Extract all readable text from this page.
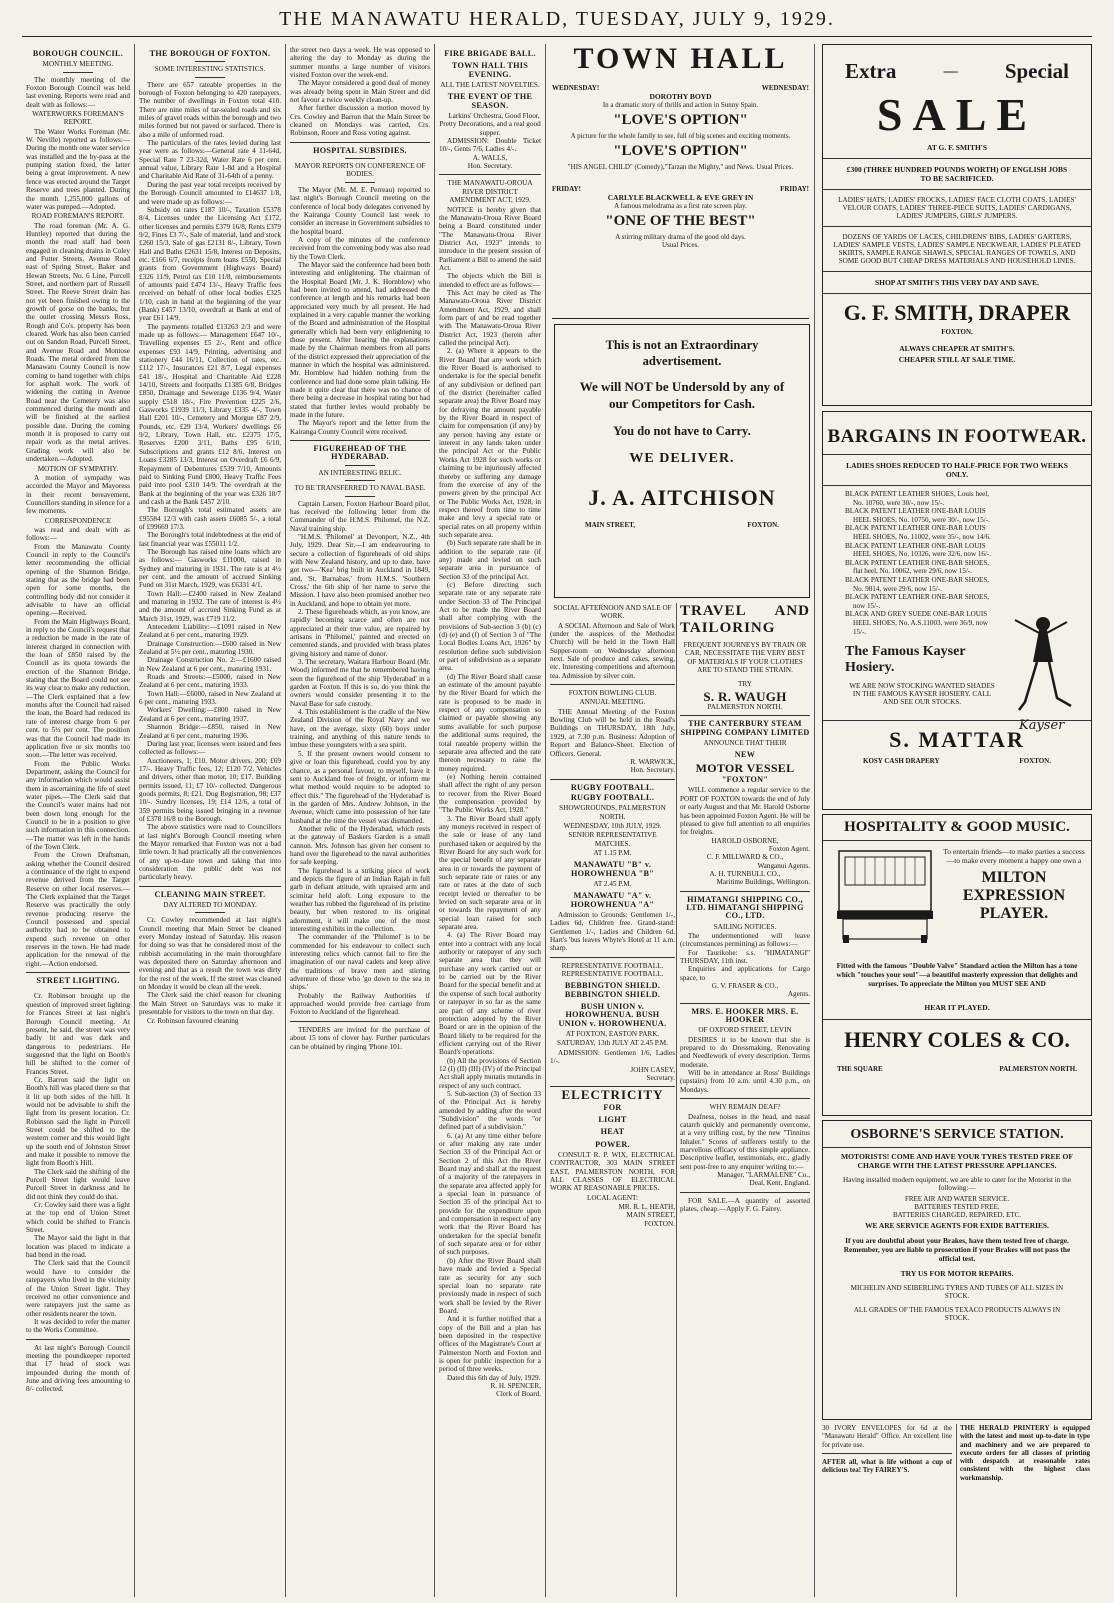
THE MANAWATU HERALD, TUESDAY, JULY 9, 1929.
BOROUGH COUNCIL.
MONTHLY MEETING.

The monthly meeting of the Foxton Borough Council was held last evening. Reports were read and dealt with as follows:—

WATERWORKS FOREMAN'S REPORT.

The Water Works Foreman (Mr. W. Neville) reported as follows:— During the month one water service was installed and the by-pass at the pumping station fixed, the latter being a great improvement. A new fence was erected around the Target Reserve and trees planted. During the month 1,255,000 gallons of water was pumped.—Adopted.

ROAD FOREMAN'S REPORT.

The road foreman (Mr. A. G. Huntley) reported that during the month the road staff had been engaged in cleaning drains in Coley and Futter Streets, Avenue Road east of Spring Street, Baker and Hewan Streets, No. 6 Line, Purcell Street, and northern part of Russell Street. The Reeve Street drain has not yet been finished owing to the growth of gorse on the banks, but the outlet crossing Messrs Ross, Rough and Co's. property has been cleared. Work has also been carried out on Sandon Road, Purcell Street, and Avenue Road and Montose Roads. The metal ordered from the Manawatu County Council is now coming to hand together with chips for asphalt work. The work of widening the cutting in Avenue Road near the Cemetery was also commenced during the month and will be finished at the earliest possible date. During the coming month it is proposed to carry out repair work as the metal arrives. Grading work will also be undertaken.—Adopted.

MOTION OF SYMPATHY.

A motion of sympathy was accorded the Mayor and Mayoress in their recent bereavement, Councillors standing in silence for a few moments.

CORRESPONDENCE

was read and dealt with as follows:—

From the Manawatu County Council in reply to the Council's letter recommending the official opening of the Shannon Bridge, stating that as the bridge had been open for some months, the controlling body did not consider it advisable to have an official opening.—Received.

From the Main Highways Board, in reply to the Council's request that a reduction be made in the rate of interest charged in connection with the loan of £850 raised by the Council as its quota towards the erection of the Shannon Bridge, stating that the Board could not see its way clear to make any reduction.—The Clerk explained that a few months after the Council had raised the loan, the Board had reduced its rate of interest charge from 6 per cent. to 5½ per cent. The position was that the Council had made its application five or six months too soon.—The letter was received.

From the Public Works Department, asking the Council for any information which would assist them in ascertaining the life of steel water pipes.—The Clerk said that the Council's water mains had not been down long enough for the Council to be in a position to give such information in this connection.—The matter was left in the hands of the Town Clerk.

From the Crown Draftsman, asking whether the Council desired a continuance of the right to expend revenue derived from the Target Reserve on other local reserves.—The Clerk explained that the Target Reserve was practically the only revenue producing reserve the Council possessed and special authority had to be obtained to expend such revenue on other reserves in the town. He had made application for the renewal of the right.—Action endorsed.

STREET LIGHTING.

Cr. Robinson brought up the question of improved street lighting for Frances Street at last night's Borough Council meeting. At present, he said, the street was very badly lit and was dark and dangerous to pedestrians. He suggested that the light on Booth's hill be shifted to the corner of Frances Street.

Cr. Barron said the light on Booth's hill was placed there so that it lit up both sides of the hill. It would not be advisable to shift the light from its present location. Cr. Robinson said the light in Purcell Street could be shifted to the western corner and this would light up the south end of Johnston Street and make it possible to remove the light from Booth's Hill.

The Clerk said the shifting of the Purcell Street light would leave Purcell Street in darkness and he did not think they could do that.

Cr. Cowley said there was a light at the top end of Union Street which could be shifted to Francis Street.

The Mayor said the light in that location was placed to indicate a bad bend in the road.

The Clerk said that the Council would have to consider the ratepayers who lived in the vicinity of the Union Street light. They received no other convenience and were ratepayers just the same as other residents nearer the town.

It was decided to refer the matter to the Works Committee.

At last night's Borough Council meeting the poundkeeper reported that 17 head of stock was impounded during the month of June and driving fees amounting to 8/- collected.

THE BOROUGH OF FOXTON.
SOME INTERESTING STATISTICS.

There are 657 rateable properties in the borough of Foxton belonging to 420 ratepayers. The number of dwellings in Foxton total 410. There are nine miles of tar-sealed roads and six miles of gravel roads within the borough and two miles formed but not paved or surfaced. There is also a mile of unformed road.

The particulars of the rates levied during last year were as follows:—General rate 4 11-64d, Special Rate 7 23-32d, Water Rate 6 per cent. annual value, Library Rate 1-8d and a Hospital and Charitable Aid Rate of 31-64th of a penny.

During the past year total receipts received by the Borough Council amounted to £14637 1/8, and were made up as follows:—

Subsidy on rates £187 10/-, Taxation £5378 8/4, Licenses under the Licensing Act £172, other licenses and permits £379 16/8, Rents £379 9/2, Fines £3 7/-, Sale of material, land and stock £260 15/3, Sale of gas £2131 8/-, Library, Town Hall and Baths £2631 15/8, Interest on Deposits, etc. £166 6/7, receipts from loans £550, Special grants from Government (Highways Board) £326 11/9, Petrol tax £10 11/8, reimbursements of amounts paid £474 13/-, Heavy Traffic fees received on behalf of other local bodies £325 1/10, cash in hand at the beginning of the year (Bank) £457 13/10, overdraft at Bank at end of year £61 14/9.

The payments totalled £13263 2/3 and were made up as follows:— Management £647 10/-, Travelling expenses £5 2/-, Rent and office expenses £93 14/9, Printing, advertising and stationery £44 16/11, Collection of rates, etc. £112 17/-, Insurances £21 8/7, Legal expenses £41 18/-, Hospital and Charitable Aid £228 14/10, Streets and footpaths £1385 6/8, Bridges £850, Drainage and Sewerage £136 9/4, Water supply £518 18/-, Fire Prevention £225 2/6, Gasworks £1939 11/3, Library £335 4/-, Town Hall £201 10/-, Cemetery and Morgue £87 2/9, Pounds, etc. £29 13/4, Workers' dwellings £6 9/2, Library, Town Hall, etc. £2375 17/5, Reserves £200 3/11, Baths £95 6/10, Subscriptions and grants £12 8/6, Interest on Loans £3285 13/3, Interest on Overdraft £6 6/9, Repayment of Debentures £539 7/10, Amounts paid to Sinking Fund £800, Heavy Traffic Fees paid into pool £310 14/9. The overdraft at the Bank at the beginning of the year was £326 18/7 and cash at the Bank £457 2/10.

The Borough's total estimated assets are £95584 12/3 with cash assets £6085 5/-, a total of £99669 17/3.

The Borough's total indebtedness at the end of last financial year was £55011 1/2.

The Borough has raised nine loans which are as follows:— Gasworks £11000, raised in Sydney and maturing in 1931. The rate is at 4½ per cent. and the amount of accrued Sinking Fund on 31st March, 1929, was £6331 4/1.

Town Hall:—£2400 raised in New Zealand and maturing in 1932. The rate of interest is 4½ and the amount of accrued Sinking Fund as at March 31st, 1929, was £719 11/2.

Antecedent Liability:—£1091 raised in New Zealand at 6 per cent., maturing 1929.

Drainage Construction:—£600 raised in New Zealand at 5½ per cent., maturing 1930.

Drainage Construction No. 2:—£1600 raised in New Zealand at 6 per cent., maturing 1931.

Roads and Streets:—£5000, raised in New Zealand at 6 per cent., maturing 1933.

Town Hall:—£6000, raised in New Zealand at 6 per cent., maturing 1933.

Workers' Dwelling:—£800 raised in New Zealand at 6 per cent., maturing 1937.

Shannon Bridge:—£850, raised in New Zealand at 6 per cent., maturing 1936.

During last year, licenses were issued and fees collected as follows:—

Auctioneers, 1; £10. Motor drivers, 200; £69 17/-. Heavy Traffic fees, 12; £120 7/2. Vehicles and drivers, other than motor, 10; £17. Building permits issued, 11; £7 10/- collected. Dangerous goods permits, 8; £21. Dog Registration, 98; £37 10/-. Sundry licenses, 19; £14 12/6, a total of 359 permits being issued bringing in a revenue of £378 16/8 to the Borough.

The above statistics were read to Councillors at last night's Borough Council meeting when the Mayor remarked that Foxton was not a bad little town. It had practically all the conveniences of any up-to-date town and taking that into consideration the public debt was not particularly heavy.

CLEANING MAIN STREET.
DAY ALTERED TO MONDAY.

Cr. Cowley recommended at last night's Council meeting that Main Street be cleaned every Monday instead of Saturday. His reason for doing so was that he considered most of the rubbish accumulating in the main thoroughfare was deposited there on Saturday afternoon and evening and that as a result the town was dirty for the rest of the week. If the street was cleaned on Monday it would be clean all the week.

The Clerk said the chief reason for cleaning the Main Street on Saturdays was to make it presentable for visitors to the town on that day.

Cr. Robinson favoured cleaning

the street two days a week. He was opposed to altering the day to Monday as during the summer months a large number of visitors visited Foxton over the week-end.

The Mayor considered a good deal of money was already being spent in Main Street and did not favour a twice weekly clean-up.

After further discussion a motion moved by Crs. Cowley and Barron that the Main Street be cleaned on Mondays was carried, Crs. Robinson, Roore and Ross voting against.

HOSPITAL SUBSIDIES.
MAYOR REPORTS ON CONFERENCE OF BODIES.

The Mayor (Mr. M. E. Perreau) reported to last night's Borough Council meeting on the conference of local body delegates convened by the Kairanga County Council last week to consider an increase in Government subsidies to the hospital board.

A copy of the minutes of the conference received from the convening body was also read by the Town Clerk.

The Mayor said the conference had been both interesting and enlightening. The chairman of the Hospital Board (Mr. J. K. Hornblow) who had been invited to attend, had addressed the conference at length and his remarks had been appreciated very much by all present. He had explained in a very capable manner the working of the Board and administration of the Hospital generally which had been very enlightening to those present. After hearing the explanations made by the Chairman members from all parts of the district expressed their appreciation of the manner in which the hospital was administered. Mr. Hornblow had hidden nothing from the conference and had done some plain talking. He made it quite clear that there was no chance of there being a decrease in hospital rating but had stated that further levies would probably be made in the future.

The Mayor's report and the letter from the Kairanga County Council were received.

FIGUREHEAD OF THE HYDERABAD.
AN INTERESTING RELIC.
TO BE TRANSFERRED TO NAVAL BASE.

Captain Larsen, Foxton Harbour Board pilot, has received the following letter from the Commander of the H.M.S. Philomel, the N.Z. Naval training ship.

"H.M.S. 'Philomel' at Devonport, N.Z., 4th July, 1929. Dear Sir,—I am endeavouring to secure a collection of figureheads of old ships with New Zealand history, and up to date, have got two—'Kea' brig built in Auckland in 1849, and, 'St. Barnabas,' from H.M.S. 'Southern Cross,' the 6th ship of her name to serve the Mission. I have also been promised another two in Auckland, and hope to obtain yet more.

2. These figureheads which, as you know, are rapidly becoming scarce and often are not appreciated at their true value, are repaired by artisans in 'Philomel,' painted and erected on cemented stands, and provided with brass plates giving history and name of donor.

3. The secretary, Waitara Harbour Board (Mr. Wood) informed me that he remembered having seen the figurehead of the ship 'Hyderabad' in a garden at Foxton. If this is so, do you think the owners would consider presenting it to the Naval Base for safe custody.

4. This establishment is the cradle of the New Zealand Division of the Royal Navy and we have, on the average, sixty (60) boys under training, and anything of this nature tends to imbue these youngsters with a sea spirit.

5. If the present owners would consent to give or loan this figurehead, could you by any chance, as a personal favour, to myself, have it sent to Auckland free of freight, or inform me what method would require to be adopted to effect this." The figurehead of the 'Hyderabad' is in the garden of Mrs. Andrew Johnson, in the Avenue, which came into possession of her late husband at the time the vessel was dismantled.

Another relic of the Hyderabad, which rests at the gateway of Baskers Garden is a small cannon. Mrs. Johnson has given her consent to hand over the figurehead to the naval authorities for safe keeping.

The figurehead is a striking piece of work and depicts the figure of an Indian Rajah in full garb in defiant attitude, with upraised arm and scimitar held aloft. Long exposure to the weather has robbed the figurehead of its pristine beauty, but when restored to its original adornment, it will make one of the most interesting exhibits in the collection.

The commander of the 'Philomel' is to be commended for his endeavour to collect such interesting relics which cannot fail to fire the imagination of our naval cadets and keep alive the traditions of brave men and stirring adventure of those who 'go down to the sea in ships.'

Probably the Railway Authorities if approached would provide free carriage from Foxton to Auckland of the figurehead.

TENDERS are invited for the purchase of about 15 tons of clover hay. Further particulars can be obtained by ringing 'Phone 101.

FIRE BRIGADE BALL.
TOWN HALL THIS EVENING.
ALL THE LATEST NOVELTIES.
THE EVENT OF THE SEASON.

Larkins' Orchestra, Good Floor, Pretty Decorations, and a real good supper.

ADMISSION: Double Ticket 10/-, Gents 7/6, Ladies 4/-.

A. WALLS,
Hon. Secretary.
THE MANAWATU-OROUA RIVER DISTRICT AMENDMENT ACT, 1929.

NOTICE is hereby given that the Manawatu-Oroua River Board being a Board constituted under "The Manawatu-Oroua River District Act, 1923" intends to introduce in the present session of Parliament a Bill to amend the said Act.

The objects which the Bill is intended to effect are as follows:—

This Act may be cited as The Manawatu-Oroua River District Amendment Act, 1929, and shall form part of and be read together with The Manawatu-Oroua River District Act, 1923 (herein after called the principal Act).

2. (a) Where it appears to the River Board that any work which the River Board is authorised to undertake is for the special benefit of any subdivision or defined part of the district (hereinafter called separate area) the River Board may for defraying the amount payable by the River Board in respect of claim for compensation (if any) by any person having any estate or interest in any lands taken under the principal Act or the Public Works Act 1928 for such works or claiming to be injuriously affected thereby or suffering any damage from the exercise of any of the powers given by the principal Act or The Public Works Act, 1928, in respect thereof from time to time make and levy a special rate or special rates on all property within such separate area.

(b) Such separate rate shall be in addition to the separate rate (if any) made and levied on such separate area in pursuance of Section 33 of the principal Act.

(c) Before directing such separate rate or any separate rate under Section 33 of The Principal Act to be made the River Board shall after complying with the provisions of Sub-section 3 (b) (c) (d) (e) and (f) of Section 3 of "The Local Bodies Loans Act, 1926" by resolution define such subdivision or part of subdivision as a separate area.

(d) The River Board shall cause an estimate of the amount payable by the River Board for which the rate is proposed to be made in respect of any compensation so claimed or payable showing any sums available for such purpose the additional sums required, the total rateable property within the separate area affected and the rate thereon necessary to raise the money required.

(e) Nothing herein contained shall affect the right of any person to recover from the River Board the compensation provided by "The Public Works Act, 1928."

3. The River Board shall apply any moneys received in respect of the sale or lease of any land purchased taken or acquired by the River Board for any such work for the special benefit of any separate area in or towards the payment of such separate rate or rates or any rate or rates at the date of such receipt levied or thereafter to be levied on such separate area or in or towards the repayment of any special loan raised for such separate area.

4. (a) The River Board may enter into a contract with any local authority or ratepayer of any such separate area that they will purchase any work carried out or to be carried out by the River Board for the special benefit and at the expense of such local authority or ratepayer in so far as the same are part of any scheme of river protection adopted by the River Board or are in the opinion of the Board likely to be required for the efficient carrying out of the River Board's operations.

(b) All the provisions of Section 12 (I) (II) (III) (IV) of the Principal Act shall apply mutatis mutandis in respect of any such contract.

5. Sub-section (3) of Section 33 of the Principal Act is hereby amended by adding after the word "Subdivision" the words "or defined part of a subdivision."

6. (a) At any time either before or after making any rate under Section 33 of the Principal Act or Section 2 of this Act the River Board may and shall at the request of a majority of the ratepayers in the separate area affected apply for a special loan in pursuance of Section 35 of the principal Act to provide for the expenditure upon and compensation in respect of any work that the River Board has undertaken for the special benefit of such separate area or for either of such purposes.

(b) After the River Board shall have made and levied a Special rate as security for any such special loan no separate rate previously made in respect of such work shall be levied by the River Board.

And it is further notified that a copy of the Bill and a plan has been deposited in the respective offices of the Magistrate's Court at Palmerston North and Foxton and is open for public inspection for a period of three weeks.

Dated this 6th day of July, 1929.

R. H. SPENCER,
Clerk of Board.
TOWN HALL
WEDNESDAY!	WEDNESDAY!
DOROTHY BOYD
In a dramatic story of thrills and action in Sunny Spain.
"LOVE'S OPTION"
A picture for the whole family to see, full of big scenes and exciting moments.
"LOVE'S OPTION"
"HIS ANGEL CHILD" (Comedy),"Tarzan the Mighty," and News. Usual Prices.
FRIDAY!	FRIDAY!
CARLYLE BLACKWELL & EVE GREY IN
A famous melodrama as a first rate screen play.
"ONE OF THE BEST"
A stirring military drama of the good old days.
Usual Prices.
This is not an Extraordinary advertisement.
We will NOT be Undersold by any of our Competitors for Cash.
You do not have to Carry.
WE DELIVER.
J. A. AITCHISON
MAIN STREET,	FOXTON.
SOCIAL AFTERNOON AND SALE OF WORK.

A SOCIAL Afternoon and Sale of Work (under the auspices of the Methodist Church) will be held in the Town Hall Supper-room on Wednesday afternoon next. Sale of produce and cakes, sewing, etc. Interesting competitions and afternoon tea. Admission by silver coin.

FOXTON BOWLING CLUB.
ANNUAL MEETING.

THE Annual Meeting of the Foxton Bowling Club will be held in the Road's Buildings on THURSDAY, 18th July, 1929, at 7.30 p.m. Business: Adoption of Report and Balance-Sheet. Election of Officers. General.

R. WARWICK,
Hon. Secretary.
RUGBY FOOTBALL.
RUGBY FOOTBALL.
SHOWGROUNDS, PALMERSTON NORTH.
WEDNESDAY, 10th JULY, 1929.
SENIOR REPRESENTATIVE MATCHES.
AT 1.15 P.M.
MANAWATU "B" v. HOROWHENUA "B"
AT 2.45 P.M.
MANAWATU "A" v. HOROWHENUA "A"

Admission to Grounds: Gentlemen 1/-, Ladies 6d, Children free. Grand-stand: Gentlemen 1/-, Ladies and Children 6d. Hart's 'bus leaves Whyte's Hotel at 11 a.m. sharp.

REPRESENTATIVE FOOTBALL. REPRESENTATIVE FOOTBALL.
BEBBINGTON SHIELD. BEBBINGTON SHIELD.
BUSH UNION v. HOROWHENUA. BUSH UNION v. HOROWHENUA.
AT FOXTON, EASTON PARK.
SATURDAY, 13th JULY AT 2.45 P.M.

ADMISSION: Gentlemen 1/6, Ladies 1/-.

JOHN CASEY,
Secretary.
ELECTRICITY
FOR
LIGHT
HEAT
POWER.

CONSULT R. P. WIX, ELECTRICAL CONTRACTOR, 303 MAIN STREET EAST, PALMERSTON NORTH, FOR ALL CLASSES OF ELECTRICAL WORK AT REASONABLE PRICES.

LOCAL AGENT:
MR. R. L. HEATH,
MAIN STREET,
FOXTON.
TRAVEL AND TAILORING

FREQUENT JOURNEYS BY TRAIN OR CAR, NECESSITATE THE VERY BEST OF MATERIALS IF YOUR CLOTHES ARE TO STAND THE STRAIN.

TRY
S. R. WAUGH
PALMERSTON NORTH.
THE CANTERBURY STEAM SHIPPING COMPANY LIMITED
ANNOUNCE THAT THEIR
NEW
MOTOR VESSEL
"FOXTON"

WILL commence a regular service to the PORT OF FOXTON towards the end of July or early August and that Mr. Harold Osborne has been appointed Foxton Agent. He will be pleased to give full attention to all enquiries for freights.

HAROLD OSBORNE,
Foxton Agent.
C. F. MILLWARD & CO.,
Wanganui Agents.
A. H. TURNBULL CO.,
Maritime Buildings, Wellington.
HIMATANGI SHIPPING CO., LTD. HIMATANGI SHIPPING CO., LTD.
SAILING NOTICES.

The undermentioned will leave (circumstances permitting) as follows:—

For Taurikohe: s.s. "HIMATANGI" THURSDAY, 11th inst.

Enquiries and applications for Cargo space, to

G. V. FRASER & CO.,
Agents.
MRS. E. HOOKER MRS. E. HOOKER
OF OXFORD STREET, LEVIN

DESIRES it to be known that she is prepared to do Dressmaking, Renovating and Needlework of every description. Terms moderate.

Will be in attendance at Ross' Buildings (upstairs) from 10 a.m. until 4.30 p.m., on Mondays.

WHY REMAIN DEAF?

Deafness, noises in the head, and nasal catarrh quickly and permanently overcome, at a very trifling cost, by the new "Tinnitus Inhaler." Scores of sufferers testify to the marvellous efficacy of this simple appliance. Descriptive leaflet, testimonials, etc., gladly sent post-free to any enquirer writing to:—

Manager, "LARMALENE" Co.,
Deal, Kent, England.

FOR SALE.—A quantity of assorted plates, cheap.—Apply F. G. Fairey.

Extra	— Special
SALE
AT G. F. SMITH'S
£300 (THREE HUNDRED POUNDS WORTH) OF ENGLISH JOBS TO BE SACRIFICED.
LADIES' HATS, LADIES' FROCKS, LADIES' FACE CLOTH COATS, LADIES' VELOUR COATS, LADIES' THREE-PIECE SUITS, LADIES' CARDIGANS, LADIES' JUMPERS, GIRLS' JUMPERS.
DOZENS OF YARDS OF LACES, CHILDRENS' BIBS, LADIES' GARTERS, LADIES' SAMPLE VESTS, LADIES' SAMPLE NECKWEAR, LADIES' PLEATED SKIRTS, SAMPLE RANGE SHAWLS, SPECIAL RANGES OF TOWELS, AND SOME GOOD BUT CHEAP DRESS MATERIALS AND HOUSEHOLD LINES.
SHOP AT SMITH'S THIS VERY DAY AND SAVE.
G. F. SMITH, DRAPER
FOXTON.
ALWAYS CHEAPER AT SMITH'S.
CHEAPER STILL AT SALE TIME.
BARGAINS IN FOOTWEAR.
LADIES SHOES REDUCED TO HALF-PRICE FOR TWO WEEKS ONLY.
BLACK PATENT LEATHER SHOES, Louis heel, No. 10760, were 30/-, now 15/-.
BLACK PATENT LEATHER ONE-BAR LOUIS HEEL SHOES, No. 10750, were 30/-, now 15/-.
BLACK PATENT LEATHER ONE-BAR LOUIS HEEL SHOES, No. 11002, were 35/-, now 14/6.
BLACK PATENT LEATHER ONE-BAR LOUIS HEEL SHOES, No. 10326, were 32/6, now 16/-.
BLACK PATENT LEATHER ONE-BAR SHOES, flat heel, No. 10062, were 29/6, now 15/-.
BLACK PATENT LEATHER ONE-BAR SHOES, No. 9814, were 29/6, now 15/-.
BLACK PATENT LEATHER ONE-BAR SHOES, now 15/-.
BLACK AND GREY SUEDE ONE-BAR LOUIS HEEL SHOES, No. A.S.11003, were 36/9, now 15/-.
The Famous Kayser Hosiery.
WE ARE NOW STOCKING WANTED SHADES IN THE FAMOUS KAYSER HOSIERY. CALL AND SEE OUR STOCKS.
Kayser
S. MATTAR
KOSY CASH DRAPERY	FOXTON.
HOSPITALITY & GOOD MUSIC.
To entertain friends—to make parties a success—to make every moment a happy one own a
MILTON
EXPRESSION
PLAYER.
Fitted with the famous "Double Valve" Standard action the Milton has a tone which "touches your soul"—a beautiful masterly expression that delights and surprises. To appreciate the Milton you MUST SEE AND
HEAR IT PLAYED.
HENRY COLES & CO.
THE SQUARE	PALMERSTON NORTH.
OSBORNE'S SERVICE STATION.
MOTORISTS! COME AND HAVE YOUR TYRES TESTED FREE OF CHARGE WITH THE LATEST PRESSURE APPLIANCES.
Having installed modern equipment, we are able to cater for the Motorist in the following:—
FREE AIR AND WATER SERVICE.
BATTERIES TESTED FREE.
BATTERIES CHARGED, REPAIRED, ETC.
WE ARE SERVICE AGENTS FOR EXIDE BATTERIES.
If you are doubtful about your Brakes, have them tested free of charge. Remember, you are liable to prosecution if your Brakes will not pass the official test.
TRY US FOR MOTOR REPAIRS.
MICHELIN AND SEIBERLING TYRES AND TUBES OF ALL SIZES IN STOCK.
ALL GRADES OF THE FAMOUS TEXACO PRODUCTS ALWAYS IN STOCK.

30 IVORY ENVELOPES for 6d at the "Manawatu Herald" Office. An excellent line for private use.

AFTER all, what is life without a cup of delicious tea! Try FAIREY'S.

THE HERALD PRINTERY is equipped with the latest and most up-to-date in type and machinery and we are prepared to execute orders for all classes of printing with despatch at reasonable rates consistent with the highest class workmanship.
